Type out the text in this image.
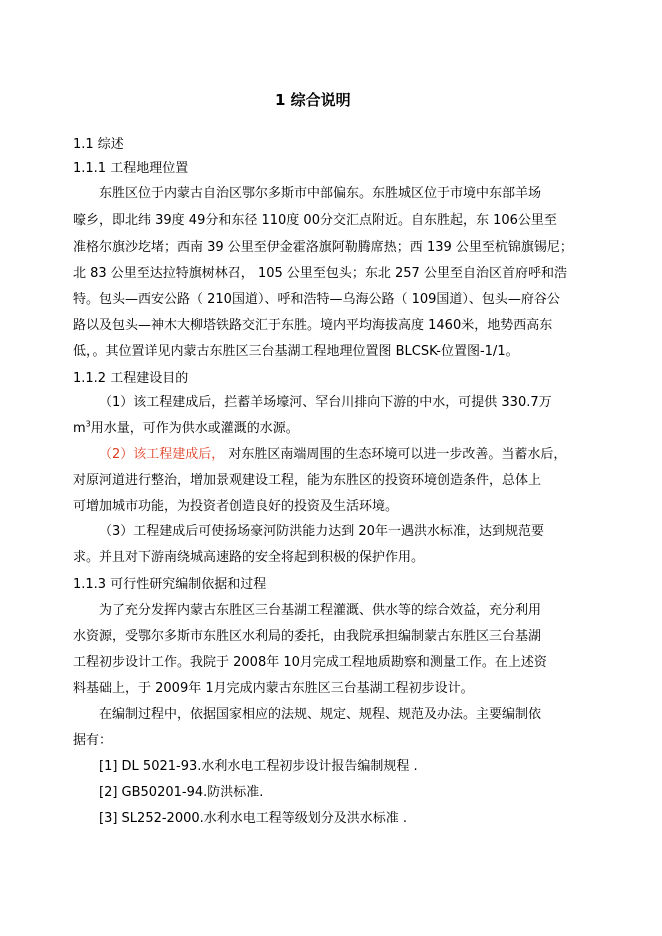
1 综合说明
1.1 综述
1.1.1 工程地理位置
东胜区位于内蒙古自治区鄂尔多斯市中部偏东。东胜城区位于市境中东部羊场
嚎乡，即北纬 39度 49分和东径 110度 00分交汇点附近。自东胜起，东 106公里至
准格尔旗沙圪堵；西南 39 公里至伊金霍洛旗阿勒腾席热；西 139 公里至杭锦旗锡尼；
北 83 公里至达拉特旗树林召， 105 公里至包头；东北 257 公里至自治区首府呼和浩
特。包头—西安公路（ 210国道）、呼和浩特—乌海公路（ 109国道）、包头—府谷公
路以及包头—神木大柳塔铁路交汇于东胜。境内平均海拔高度 1460米，地势西高东
低，。其位置详见内蒙古东胜区三台基湖工程地理位置图 BLCSK-位置图-1/1。
1.1.2 工程建设目的
（1）该工程建成后，拦蓄羊场壕河、罕台川排向下游的中水，可提供 330.7万
$m^3$用水量，可作为供水或灌溉的水源。
（2）该工程建成后， 对东胜区南端周围的生态环境可以进一步改善。当蓄水后，
对原河道进行整治，增加景观建设工程，能为东胜区的投资环境创造条件，总体上
可增加城市功能，为投资者创造良好的投资及生活环境。
（3）工程建成后可使扬场豪河防洪能力达到 20年一遇洪水标准，达到规范要
求。并且对下游南绕城高速路的安全将起到积极的保护作用。
1.1.3 可行性研究编制依据和过程
为了充分发挥内蒙古东胜区三台基湖工程灌溉、供水等的综合效益，充分利用
水资源，受鄂尔多斯市东胜区水利局的委托，由我院承担编制蒙古东胜区三台基湖
工程初步设计工作。我院于 2008年 10月完成工程地质勘察和测量工作。在上述资
料基础上，于 2009年 1月完成内蒙古东胜区三台基湖工程初步设计。
在编制过程中，依据国家相应的法规、规定、规程、规范及办法。主要编制依
据有：
[1] DL 5021-93.水利水电工程初步设计报告编制规程 .
[2] GB50201-94.防洪标准.
[3] SL252-2000.水利水电工程等级划分及洪水标准 .
